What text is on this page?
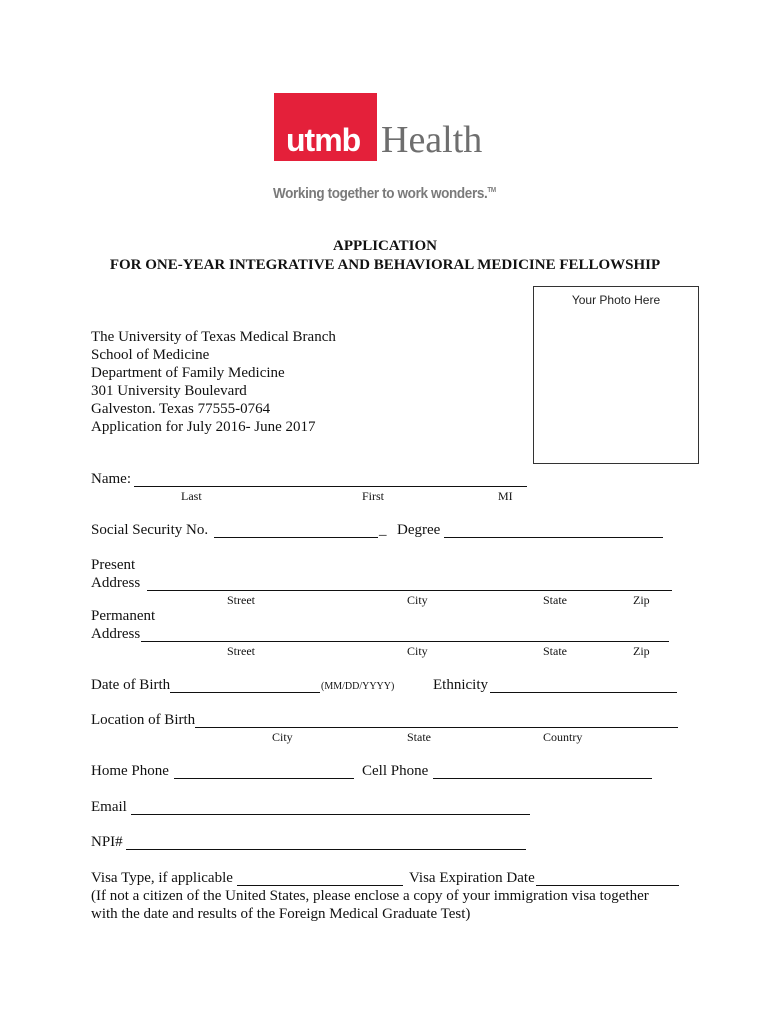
utmb Health
Working together to work wonders.™
APPLICATION
FOR ONE-YEAR INTEGRATIVE AND BEHAVIORAL MEDICINE FELLOWSHIP
Your Photo Here
The University of Texas Medical Branch
School of Medicine
Department of Family Medicine
301 University Boulevard
Galveston. Texas 77555-0764
Application for July 2016- June 2017
Name:
Last	First	MI
Social Security No.	_ Degree
Present
Address
Street	City	State	Zip
Permanent
Address
Street	City	State	Zip
Date of Birth	(MM/DD/YYYY)	Ethnicity
Location of Birth
City	State	Country
Home Phone	Cell Phone
Email
NPI#
Visa Type, if applicable	Visa Expiration Date
(If not a citizen of the United States, please enclose a copy of your immigration visa together
with the date and results of the Foreign Medical Graduate Test)
